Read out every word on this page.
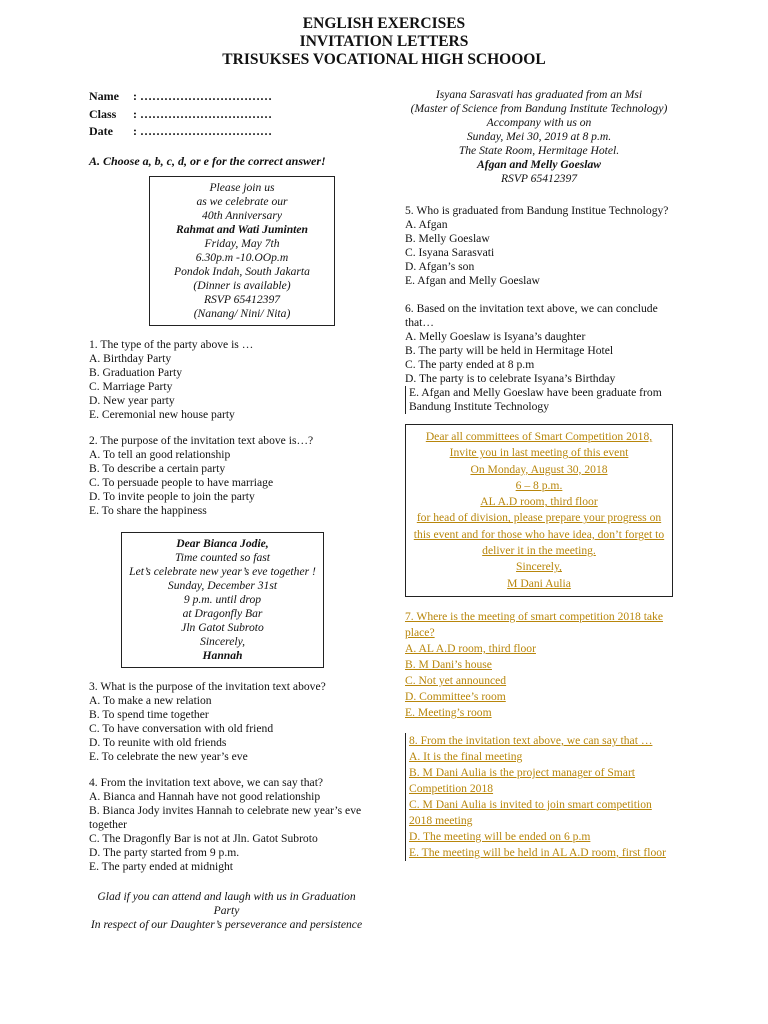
ENGLISH EXERCISES
INVITATION LETTERS
TRISUKSES VOCATIONAL HIGH SCHOOOL
Name	: ……………………………
Class	: ……………………………
Date	: ……………………………
A. Choose a, b, c, d, or e for the correct answer!
Please join us
as we celebrate our
40th Anniversary
Rahmat and Wati Juminten
Friday, May 7th
6.30p.m -10.OOp.m
Pondok Indah, South Jakarta
(Dinner is available)
RSVP 65412397
(Nanang/ Nini/ Nita)
1. The type of the party above is …
A. Birthday Party
B. Graduation Party
C. Marriage Party
D. New year party
E. Ceremonial new house party
2. The purpose of the invitation text above is…?
A. To tell an good relationship
B. To describe a certain party
C. To persuade people to have marriage
D. To invite people to join the party
E. To share the happiness
Dear Bianca Jodie,
Time counted so fast
Let’s celebrate new year’s eve together !
Sunday, December 31st
9 p.m. until drop
at Dragonfly Bar
Jln Gatot Subroto
Sincerely,
Hannah
3. What is the purpose of the invitation text above?
A. To make a new relation
B. To spend time together
C. To have conversation with old friend
D. To reunite with old friends
E. To celebrate the new year’s eve
4. From the invitation text above, we can say that?
A. Bianca and Hannah have not good relationship
B. Bianca Jody invites Hannah to celebrate new year’s eve together
C. The Dragonfly Bar is not at Jln. Gatot Subroto
D. The party started from 9 p.m.
E. The party ended at midnight
Glad if you can attend and laugh with us in Graduation Party
In respect of our Daughter’s perseverance and persistence
Isyana Sarasvati has graduated from an Msi
(Master of Science from Bandung Institute Technology)
Accompany with us on
Sunday, Mei 30, 2019 at 8 p.m.
The State Room, Hermitage Hotel.
Afgan and Melly Goeslaw
RSVP 65412397
5. Who is graduated from Bandung Institue Technology?
A. Afgan
B. Melly Goeslaw
C. Isyana Sarasvati
D. Afgan’s son
E. Afgan and Melly Goeslaw
6. Based on the invitation text above, we can conclude that…
A. Melly Goeslaw is Isyana’s daughter
B. The party will be held in Hermitage Hotel
C. The party ended at 8 p.m
D. The party is to celebrate Isyana’s Birthday
E. Afgan and Melly Goeslaw have been graduate from Bandung Institute Technology
Dear all committees of Smart Competition 2018,
Invite you in last meeting of this event
On Monday, August 30, 2018
6 – 8 p.m.
AL A.D room, third floor
for head of division, please prepare your progress on this event and for those who have idea, don’t forget to
deliver it in the meeting.
Sincerely,
M Dani Aulia
7. Where is the meeting of smart competition 2018 take place?
A. AL A.D room, third floor
B. M Dani’s house
C. Not yet announced
D. Committee’s room
E. Meeting’s room
8. From the invitation text above, we can say that …
A. It is the final meeting
B. M Dani Aulia is the project manager of Smart Competition 2018
C. M Dani Aulia is invited to join smart competition 2018 meeting
D. The meeting will be ended on 6 p.m
E. The meeting will be held in AL A.D room, first floor
